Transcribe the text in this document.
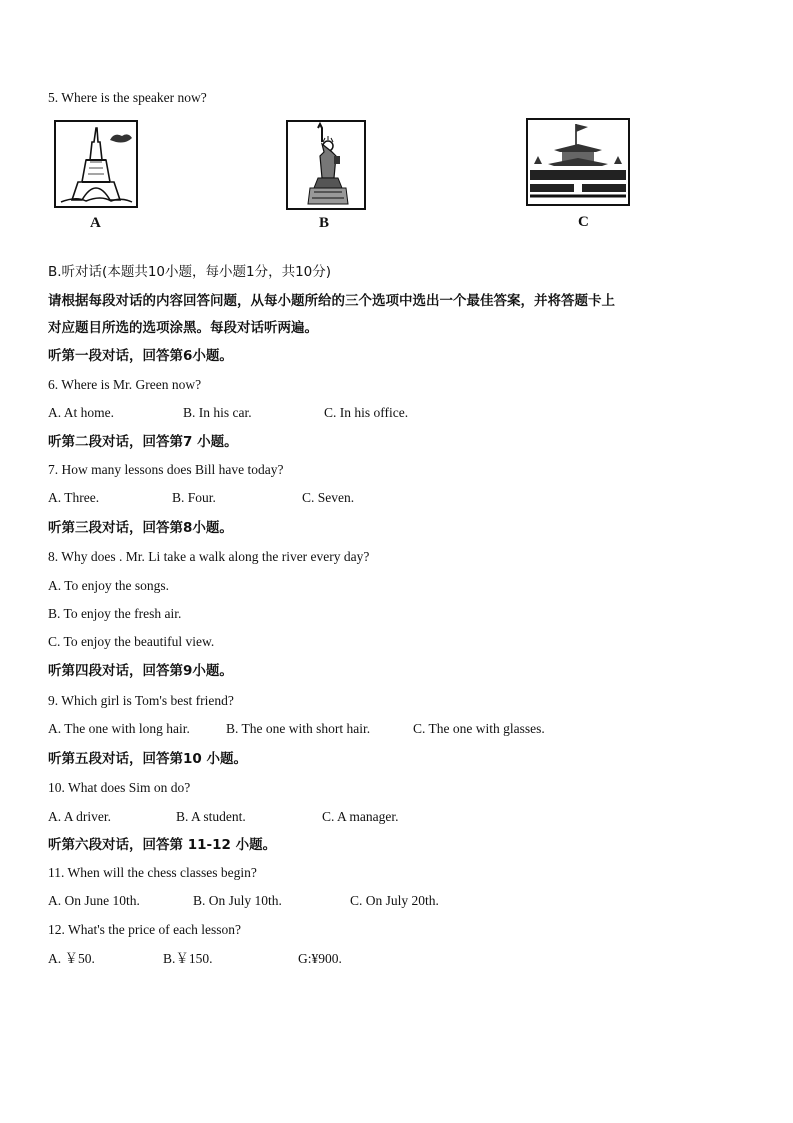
5. Where is the speaker now?
A	B	C
B.听对话(本题共10小题，每小题1分，共10分)
请根据每段对话的内容回答问题，从每小题所给的三个选项中选出一个最佳答案，并将答题卡上
对应题目所选的选项涂黑。每段对话听两遍。
听第一段对话，回答第6小题。
6. Where is Mr. Green now?
A. At home.	B. In his car.	C. In his office.
听第二段对话，回答第7 小题。
7. How many lessons does Bill have today?
A. Three.	B. Four.	C. Seven.
听第三段对话，回答第8小题。
8. Why does . Mr. Li take a walk along the river every day?
A. To enjoy the songs.
B. To enjoy the fresh air.
C. To enjoy the beautiful view.
听第四段对话，回答第9小题。
9. Which girl is Tom's best friend?
A. The one with long hair.	B. The one with short hair.	C. The one with glasses.
听第五段对话，回答第10 小题。
10. What does Sim on do?
A. A driver.	B. A student.	C. A manager.
听第六段对话，回答第 11-12 小题。
11. When will the chess classes begin?
A. On June 10th.	B. On July 10th.	C. On July 20th.
12. What's the price of each lesson?
A. ￥50.	B.￥150.	G:¥900.
